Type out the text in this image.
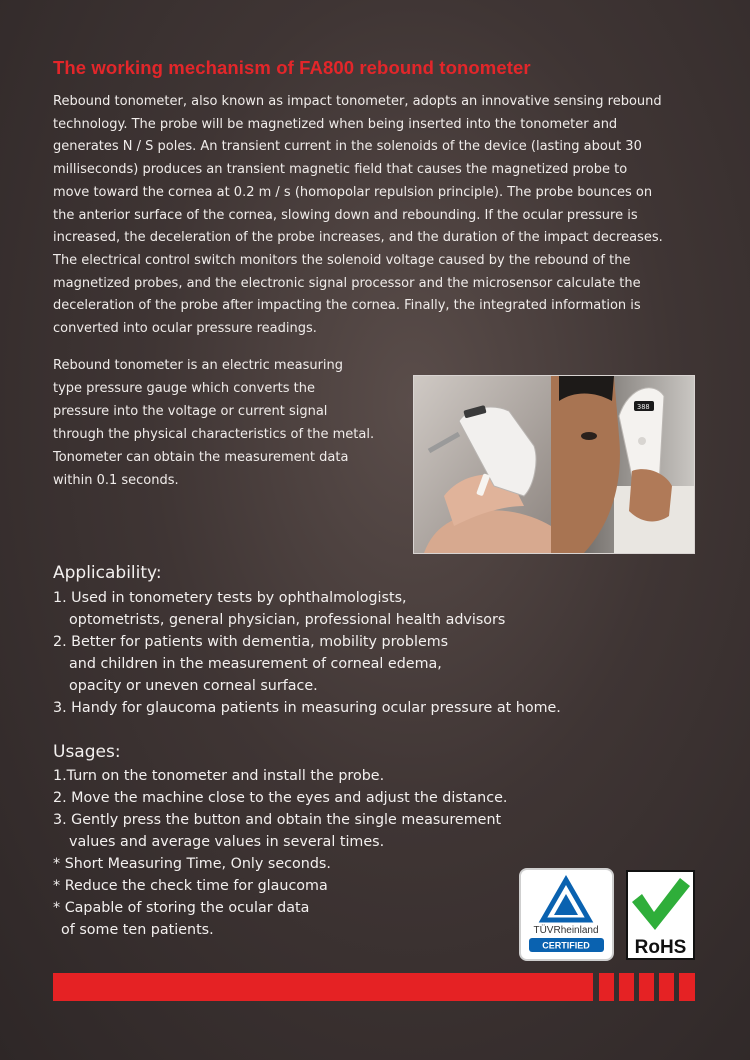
The working mechanism of FA800 rebound tonometer
Rebound tonometer, also known as impact tonometer, adopts an innovative sensing rebound
technology. The probe will be magnetized when being inserted into the tonometer and
generates N / S poles. An transient current in the solenoids of the device (lasting about 30
milliseconds) produces an transient magnetic field that causes the magnetized probe to
move toward the cornea at 0.2 m / s (homopolar repulsion principle). The probe bounces on
the anterior surface of the cornea, slowing down and rebounding. If the ocular pressure is
increased, the deceleration of the probe increases, and the duration of the impact decreases.
The electrical control switch monitors the solenoid voltage caused by the rebound of the
magnetized probes, and the electronic signal processor and the microsensor calculate the
deceleration of the probe after impacting the cornea. Finally, the integrated information is
converted into ocular pressure readings.
Rebound tonometer is an electric measuring
type pressure gauge which converts the
pressure into the voltage or current signal
through the physical characteristics of the metal.
Tonometer can obtain the measurement data
within 0.1 seconds.
388
Applicability:
1. Used in tonometery tests by ophthalmologists,
optometrists, general physician, professional health advisors
2. Better for patients with dementia, mobility problems
and children in the measurement of corneal edema,
opacity or uneven corneal surface.
3. Handy for glaucoma patients in measuring ocular pressure at home.
Usages:
1.Turn on the tonometer and install the probe.
2. Move the machine close to the eyes and adjust the distance.
3. Gently press the button and obtain the single measurement
values and average values in several times.
* Short Measuring Time, Only seconds.
* Reduce the check time for glaucoma
* Capable of storing the ocular data
of some ten patients.	TÜVRheinland
CERTIFIED RoHS
